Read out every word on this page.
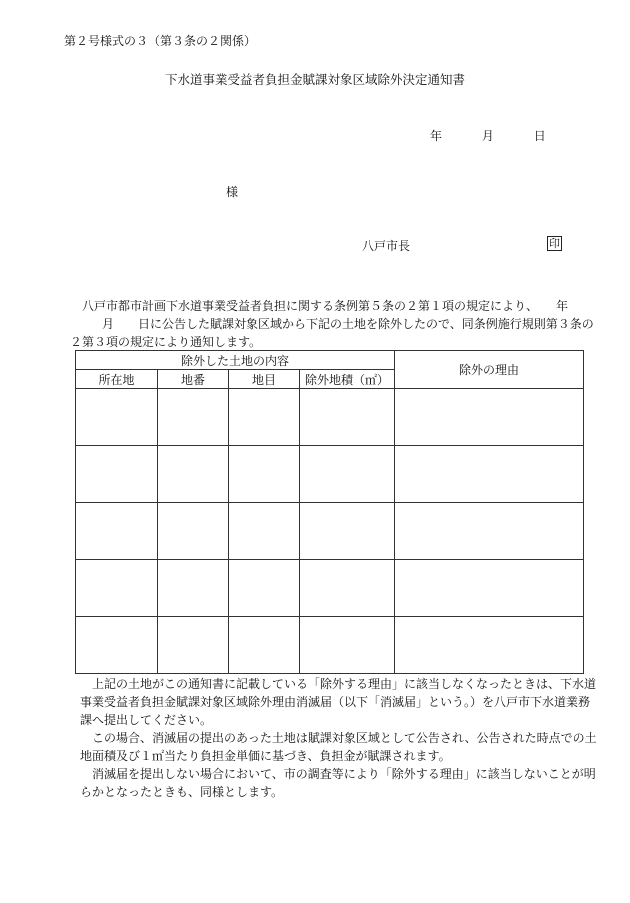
第２号様式の３（第３条の２関係）
下水道事業受益者負担金賦課対象区域除外決定通知書
年	月	日
様
八戸市長	印
八戸市都市計画下水道事業受益者負担に関する条例第５条の２第１項の規定により、　　年
　月　　日に公告した賦課対象区域から下記の土地を除外したので、同条例施行規則第３条の
２第３項の規定により通知します。
除外した土地の内容				除外の理由
所在地	地番	地目	除外地積（㎡）	

上記の土地がこの通知書に記載している「除外する理由」に該当しなくなったときは、下水道
事業受益者負担金賦課対象区域除外理由消滅届（以下「消滅届」という。）を八戸市下水道業務
課へ提出してください。
この場合、消滅届の提出のあった土地は賦課対象区域として公告され、公告された時点での土
地面積及び１㎡当たり負担金単価に基づき、負担金が賦課されます。
消滅届を提出しない場合において、市の調査等により「除外する理由」に該当しないことが明
らかとなったときも、同様とします。
